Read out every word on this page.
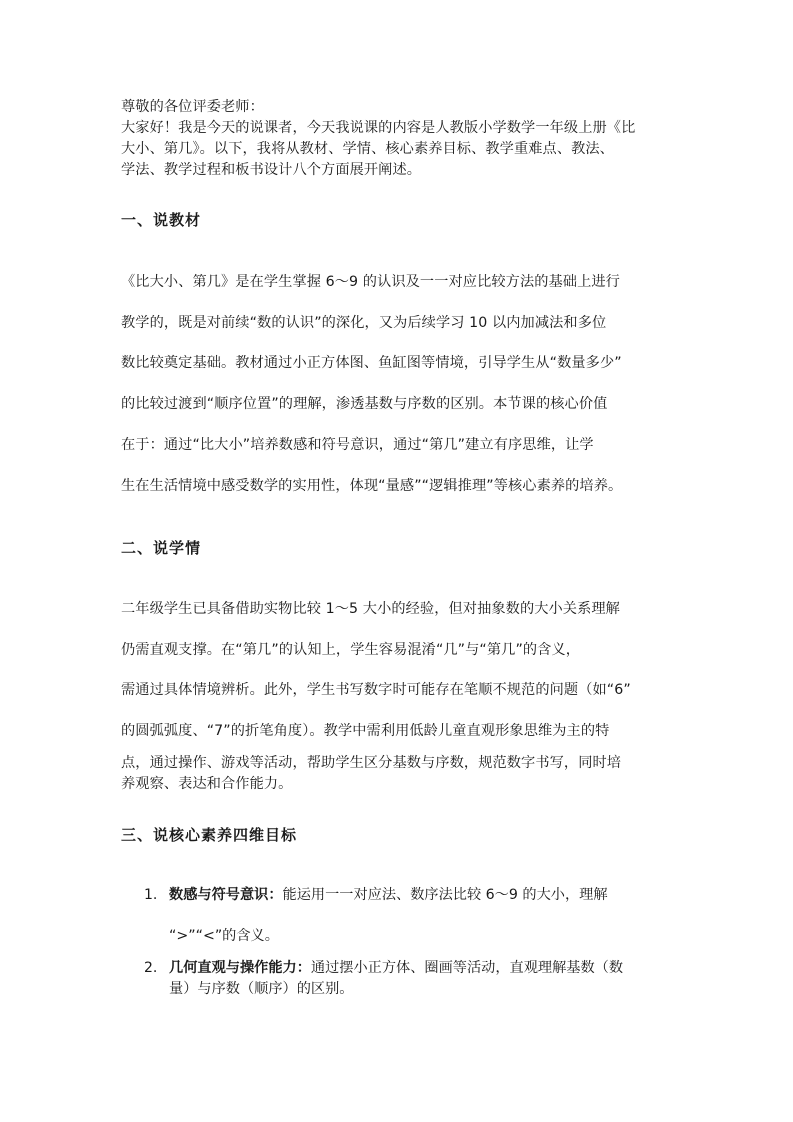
尊敬的各位评委老师：
大家好！我是今天的说课者，今天我说课的内容是人教版小学数学一年级上册《比
大小、第几》。以下，我将从教材、学情、核心素养目标、教学重难点、教法、
学法、教学过程和板书设计八个方面展开阐述。
一、说教材
《比大小、第几》是在学生掌握 6～9 的认识及一一对应比较方法的基础上进行
教学的，既是对前续“数的认识”的深化，又为后续学习 10 以内加减法和多位
数比较奠定基础。教材通过小正方体图、鱼缸图等情境，引导学生从“数量多少”
的比较过渡到“顺序位置”的理解，渗透基数与序数的区别。本节课的核心价值
在于：通过“比大小”培养数感和符号意识，通过“第几”建立有序思维，让学
生在生活情境中感受数学的实用性，体现“量感”“逻辑推理”等核心素养的培养。
二、说学情
二年级学生已具备借助实物比较 1～5 大小的经验，但对抽象数的大小关系理解
仍需直观支撑。在“第几”的认知上，学生容易混淆“几”与“第几”的含义，
需通过具体情境辨析。此外，学生书写数字时可能存在笔顺不规范的问题（如“6”
的圆弧弧度、“7”的折笔角度）。教学中需利用低龄儿童直观形象思维为主的特
点，通过操作、游戏等活动，帮助学生区分基数与序数，规范数字书写，同时培
养观察、表达和合作能力。
三、说核心素养四维目标
1. 数感与符号意识：能运用一一对应法、数序法比较 6～9 的大小，理解
“>”“<”的含义。
2. 几何直观与操作能力：通过摆小正方体、圈画等活动，直观理解基数（数
量）与序数（顺序）的区别。
